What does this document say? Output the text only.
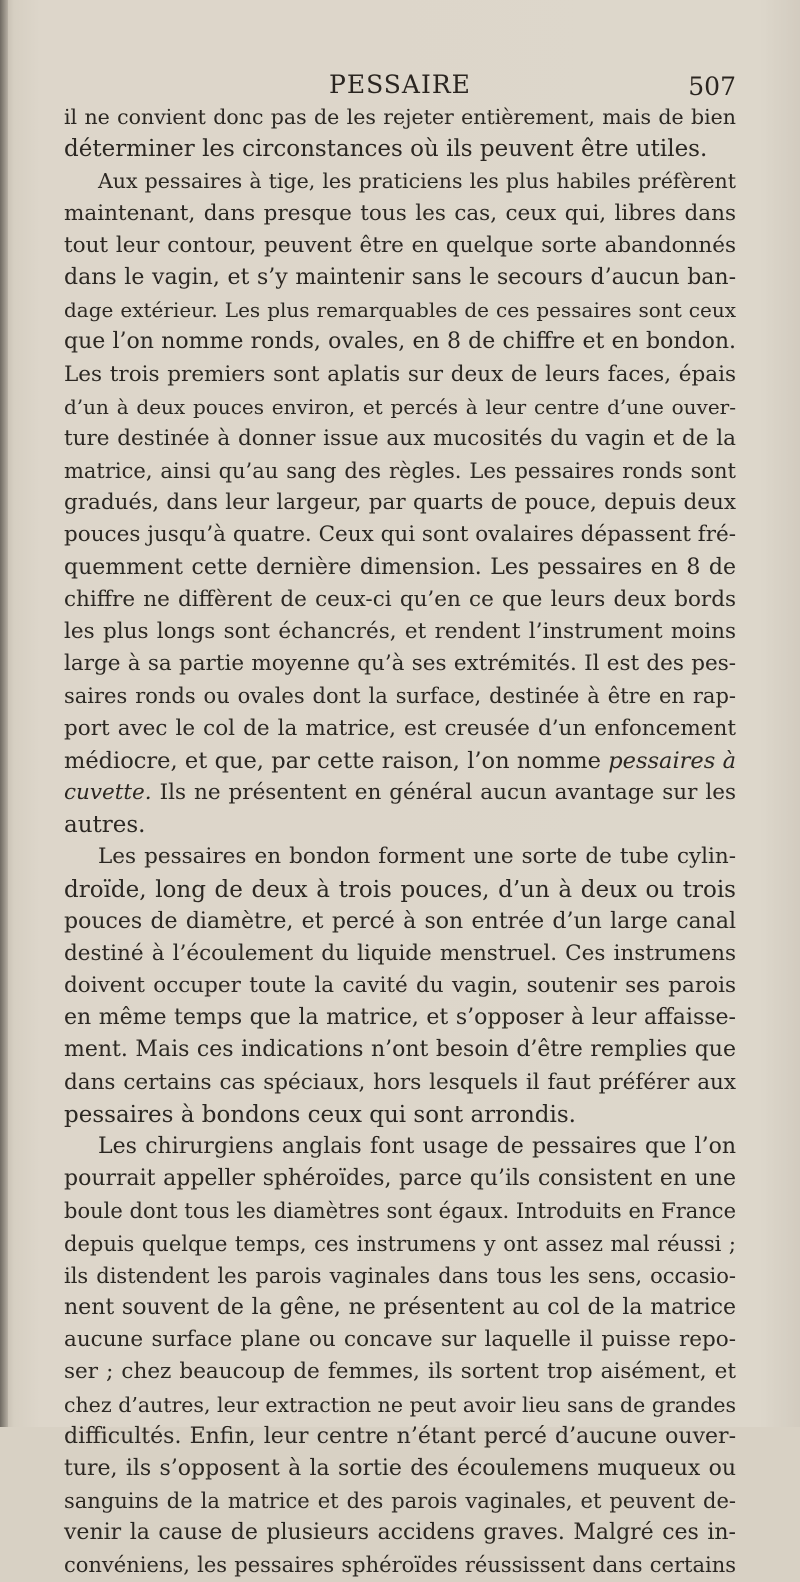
PESSAIRE	507
il ne convient donc pas de les rejeter entièrement, mais de bien
déterminer les circonstances où ils peuvent être utiles.
Aux pessaires à tige, les praticiens les plus habiles préfèrent
maintenant, dans presque tous les cas, ceux qui, libres dans
tout leur contour, peuvent être en quelque sorte abandonnés
dans le vagin, et s’y maintenir sans le secours d’aucun ban-
dage extérieur. Les plus remarquables de ces pessaires sont ceux
que l’on nomme ronds, ovales, en 8 de chiffre et en bondon.
Les trois premiers sont aplatis sur deux de leurs faces, épais
d’un à deux pouces environ, et percés à leur centre d’une ouver-
ture destinée à donner issue aux mucosités du vagin et de la
matrice, ainsi qu’au sang des règles. Les pessaires ronds sont
gradués, dans leur largeur, par quarts de pouce, depuis deux
pouces jusqu’à quatre. Ceux qui sont ovalaires dépassent fré-
quemment cette dernière dimension. Les pessaires en 8 de
chiffre ne diffèrent de ceux-ci qu’en ce que leurs deux bords
les plus longs sont échancrés, et rendent l’instrument moins
large à sa partie moyenne qu’à ses extrémités. Il est des pes-
saires ronds ou ovales dont la surface, destinée à être en rap-
port avec le col de la matrice, est creusée d’un enfoncement
médiocre, et que, par cette raison, l’on nomme pessaires à
cuvette. Ils ne présentent en général aucun avantage sur les
autres.
Les pessaires en bondon forment une sorte de tube cylin-
droïde, long de deux à trois pouces, d’un à deux ou trois
pouces de diamètre, et percé à son entrée d’un large canal
destiné à l’écoulement du liquide menstruel. Ces instrumens
doivent occuper toute la cavité du vagin, soutenir ses parois
en même temps que la matrice, et s’opposer à leur affaisse-
ment. Mais ces indications n’ont besoin d’être remplies que
dans certains cas spéciaux, hors lesquels il faut préférer aux
pessaires à bondons ceux qui sont arrondis.
Les chirurgiens anglais font usage de pessaires que l’on
pourrait appeller sphéroïdes, parce qu’ils consistent en une
boule dont tous les diamètres sont égaux. Introduits en France
depuis quelque temps, ces instrumens y ont assez mal réussi ;
ils distendent les parois vaginales dans tous les sens, occasio-
nent souvent de la gêne, ne présentent au col de la matrice
aucune surface plane ou concave sur laquelle il puisse repo-
ser ; chez beaucoup de femmes, ils sortent trop aisément, et
chez d’autres, leur extraction ne peut avoir lieu sans de grandes
difficultés. Enfin, leur centre n’étant percé d’aucune ouver-
ture, ils s’opposent à la sortie des écoulemens muqueux ou
sanguins de la matrice et des parois vaginales, et peuvent de-
venir la cause de plusieurs accidens graves. Malgré ces in-
convéniens, les pessaires sphéroïdes réussissent dans certains
